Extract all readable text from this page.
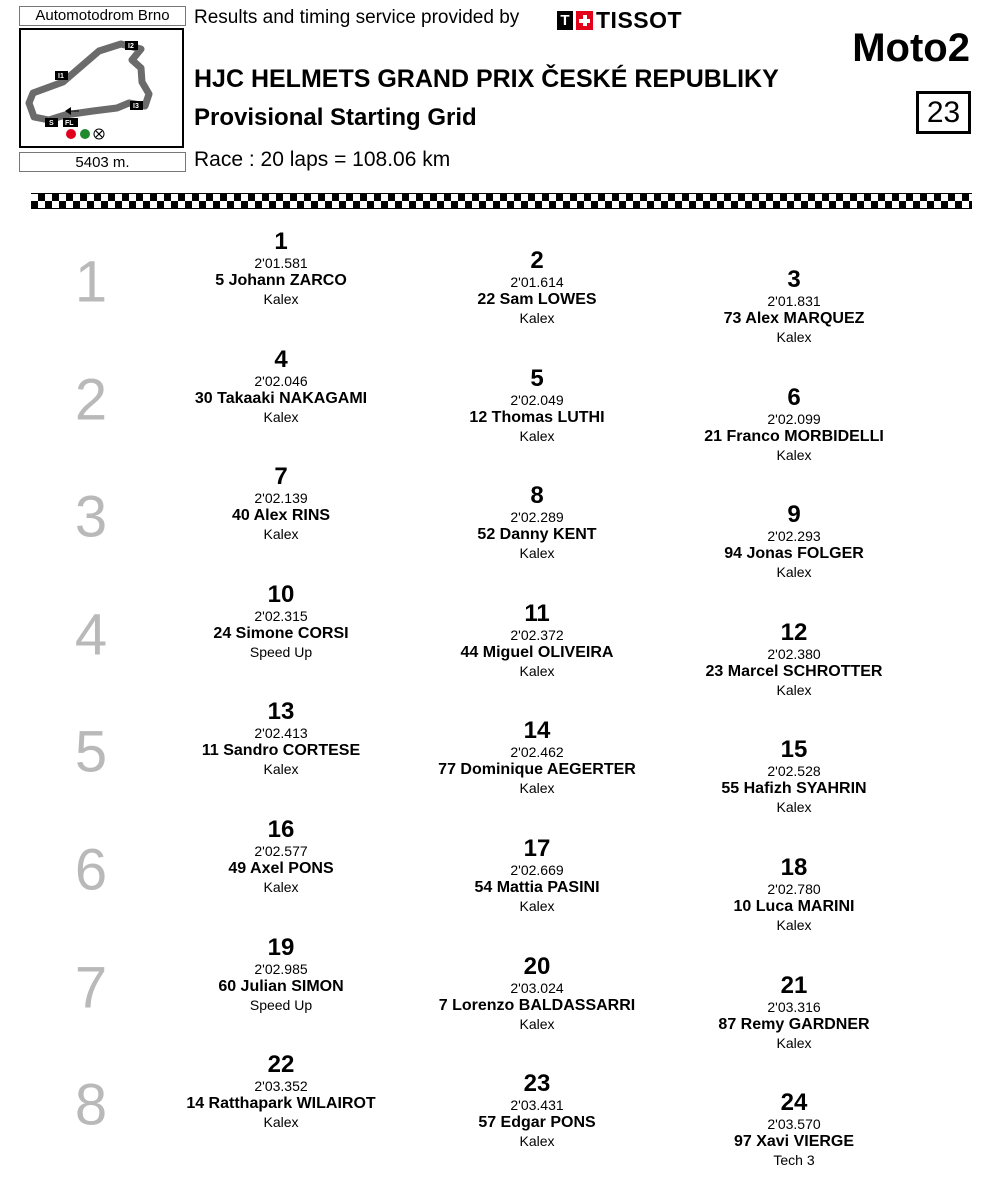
Automotodrom Brno
I1
I2
I3
S FL
5403 m.
Results and timing service provided by	T TISSOT
HJC HELMETS GRAND PRIX ČESKÉ REPUBLIKY
Provisional Starting Grid
Race : 20 laps = 108.06 km
Moto2
23
1
1
2'01.581
5 Johann ZARCO
Kalex
2
2'01.614
22 Sam LOWES
Kalex
3
2'01.831
73 Alex MARQUEZ
Kalex
2
4
2'02.046
30 Takaaki NAKAGAMI
Kalex
5
2'02.049
12 Thomas LUTHI
Kalex
6
2'02.099
21 Franco MORBIDELLI
Kalex
3
7
2'02.139
40 Alex RINS
Kalex
8
2'02.289
52 Danny KENT
Kalex
9
2'02.293
94 Jonas FOLGER
Kalex
4
10
2'02.315
24 Simone CORSI
Speed Up
11
2'02.372
44 Miguel OLIVEIRA
Kalex
12
2'02.380
23 Marcel SCHROTTER
Kalex
5
13
2'02.413
11 Sandro CORTESE
Kalex
14
2'02.462
77 Dominique AEGERTER
Kalex
15
2'02.528
55 Hafizh SYAHRIN
Kalex
6
16
2'02.577
49 Axel PONS
Kalex
17
2'02.669
54 Mattia PASINI
Kalex
18
2'02.780
10 Luca MARINI
Kalex
7
19
2'02.985
60 Julian SIMON
Speed Up
20
2'03.024
7 Lorenzo BALDASSARRI
Kalex
21
2'03.316
87 Remy GARDNER
Kalex
8
22
2'03.352
14 Ratthapark WILAIROT
Kalex
23
2'03.431
57 Edgar PONS
Kalex
24
2'03.570
97 Xavi VIERGE
Tech 3
